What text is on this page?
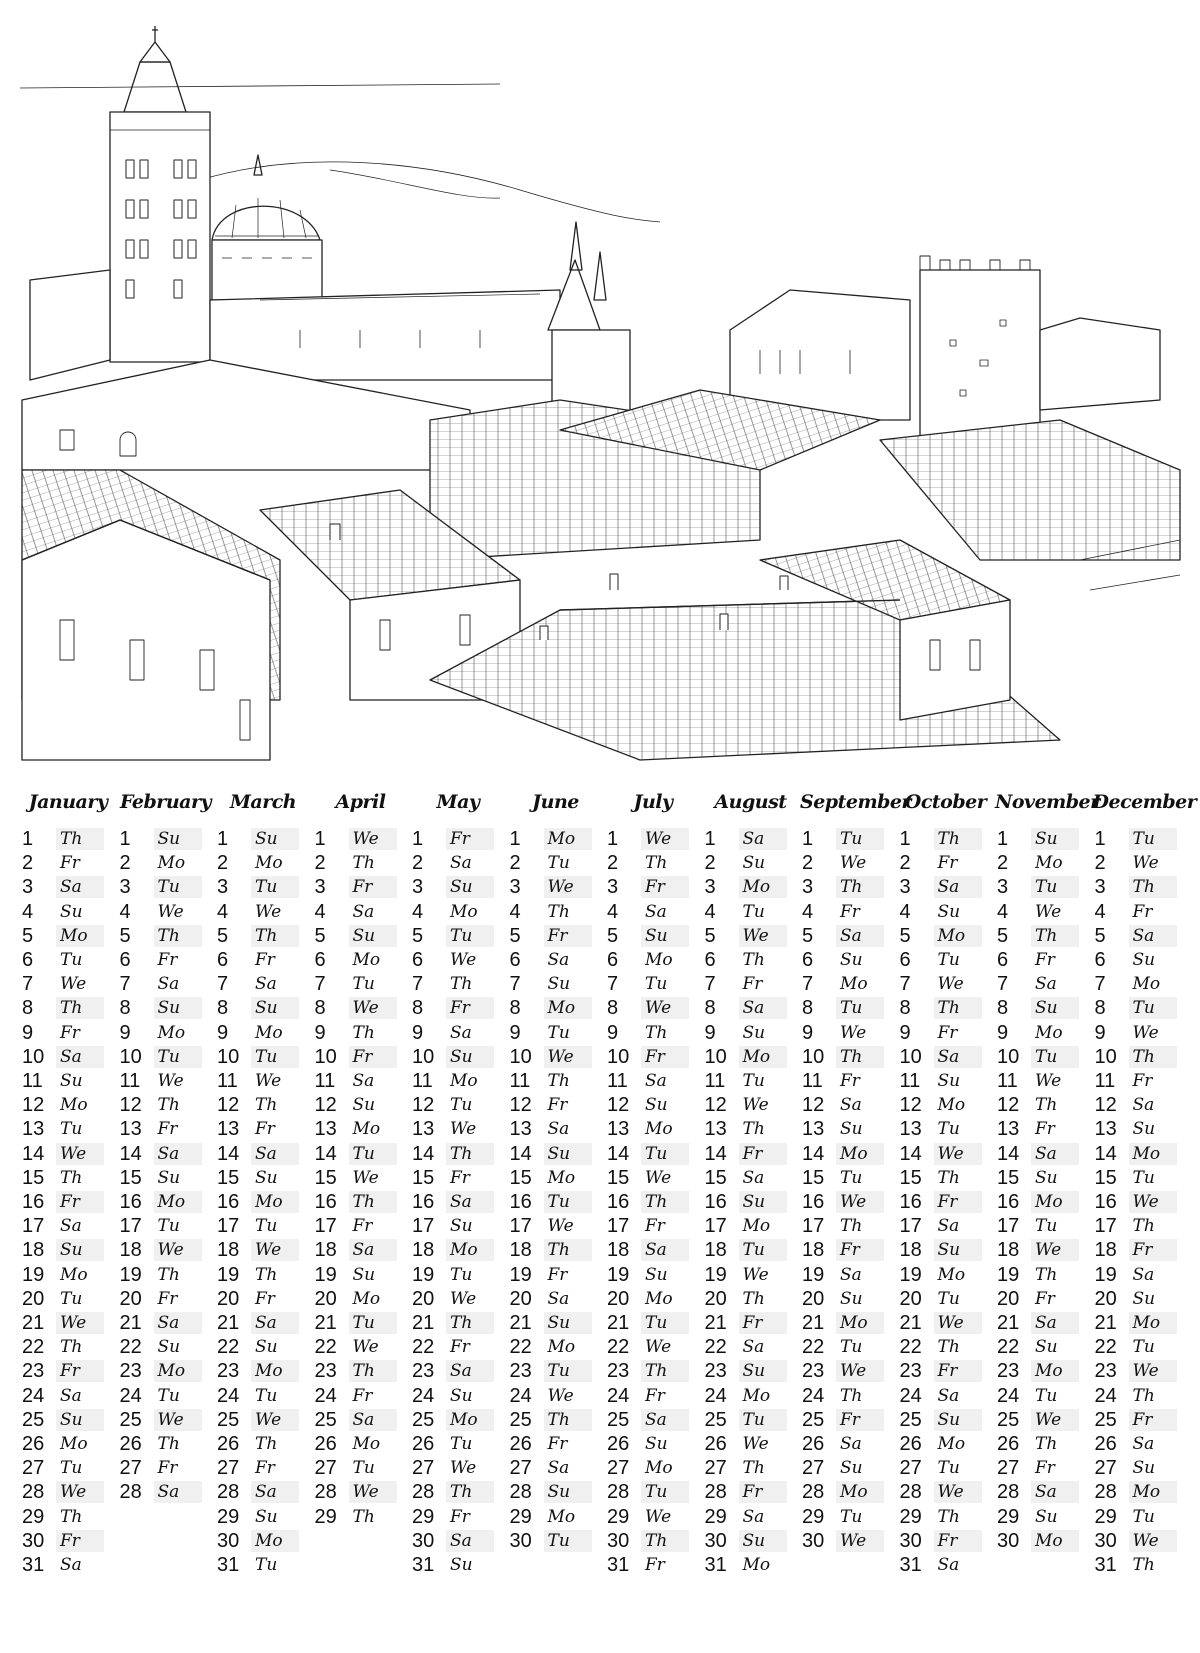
January
1	Th
2	Fr
3	Sa
4	Su
5	Mo
6	Tu
7	We
8	Th
9	Fr
10 Sa
11	Su
12 Mo
13 Tu
14 We
15 Th
16 Fr
17 Sa
18 Su
19 Mo
20 Tu
21 We
22 Th
23 Fr
24 Sa
25 Su
26 Mo
27 Tu
28 We
29 Th
30 Fr
31 Sa
February
1	Su
2	Mo
3	Tu
4	We
5	Th
6	Fr
7	Sa
8	Su
9	Mo
10 Tu
11	We
12 Th
13 Fr
14 Sa
15 Su
16 Mo
17 Tu
18 We
19 Th
20 Fr
21 Sa
22 Su
23 Mo
24 Tu
25 We
26 Th
27 Fr
28 Sa
March
1	Su
2	Mo
3	Tu
4	We
5	Th
6	Fr
7	Sa
8	Su
9	Mo
10 Tu
11	We
12 Th
13 Fr
14 Sa
15 Su
16 Mo
17 Tu
18 We
19 Th
20 Fr
21 Sa
22 Su
23 Mo
24 Tu
25 We
26 Th
27 Fr
28 Sa
29 Su
30 Mo
31 Tu
April
1	We
2	Th
3	Fr
4	Sa
5	Su
6	Mo
7	Tu
8	We
9	Th
10 Fr
11	Sa
12 Su
13 Mo
14 Tu
15 We
16 Th
17 Fr
18 Sa
19 Su
20 Mo
21 Tu
22 We
23 Th
24 Fr
25 Sa
26 Mo
27 Tu
28 We
29 Th
May
1	Fr
2	Sa
3	Su
4	Mo
5	Tu
6	We
7	Th
8	Fr
9	Sa
10 Su
11	Mo
12 Tu
13 We
14 Th
15 Fr
16 Sa
17 Su
18 Mo
19 Tu
20 We
21 Th
22 Fr
23 Sa
24 Su
25 Mo
26 Tu
27 We
28 Th
29 Fr
30 Sa
31 Su
June
1	Mo
2	Tu
3	We
4	Th
5	Fr
6	Sa
7	Su
8	Mo
9	Tu
10 We
11	Th
12 Fr
13 Sa
14 Su
15 Mo
16 Tu
17 We
18 Th
19 Fr
20 Sa
21 Su
22 Mo
23 Tu
24 We
25 Th
26 Fr
27 Sa
28 Su
29 Mo
30 Tu
July
1	We
2	Th
3	Fr
4	Sa
5	Su
6	Mo
7	Tu
8	We
9	Th
10 Fr
11	Sa
12 Su
13 Mo
14 Tu
15 We
16 Th
17 Fr
18 Sa
19 Su
20 Mo
21 Tu
22 We
23 Th
24 Fr
25 Sa
26 Su
27 Mo
28 Tu
29 We
30 Th
31 Fr
August
1	Sa
2	Su
3	Mo
4	Tu
5	We
6	Th
7	Fr
8	Sa
9	Su
10 Mo
11	Tu
12 We
13 Th
14 Fr
15 Sa
16 Su
17 Mo
18 Tu
19 We
20 Th
21 Fr
22 Sa
23 Su
24 Mo
25 Tu
26 We
27 Th
28 Fr
29 Sa
30 Su
31 Mo
September
1	Tu
2	We
3	Th
4	Fr
5	Sa
6	Su
7	Mo
8	Tu
9	We
10 Th
11	Fr
12 Sa
13 Su
14 Mo
15 Tu
16 We
17 Th
18 Fr
19 Sa
20 Su
21 Mo
22 Tu
23 We
24 Th
25 Fr
26 Sa
27 Su
28 Mo
29 Tu
30 We
October
1	Th
2	Fr
3	Sa
4	Su
5	Mo
6	Tu
7	We
8	Th
9	Fr
10 Sa
11	Su
12 Mo
13 Tu
14 We
15 Th
16 Fr
17 Sa
18 Su
19 Mo
20 Tu
21 We
22 Th
23 Fr
24 Sa
25 Su
26 Mo
27 Tu
28 We
29 Th
30 Fr
31 Sa
November
1	Su
2	Mo
3	Tu
4	We
5	Th
6	Fr
7	Sa
8	Su
9	Mo
10 Tu
11	We
12 Th
13 Fr
14 Sa
15 Su
16 Mo
17 Tu
18 We
19 Th
20 Fr
21 Sa
22 Su
23 Mo
24 Tu
25 We
26 Th
27 Fr
28 Sa
29 Su
30 Mo
December
1	Tu
2	We
3	Th
4	Fr
5	Sa
6	Su
7	Mo
8	Tu
9	We
10 Th
11	Fr
12 Sa
13 Su
14 Mo
15 Tu
16 We
17 Th
18 Fr
19 Sa
20 Su
21 Mo
22 Tu
23 We
24 Th
25 Fr
26 Sa
27 Su
28 Mo
29 Tu
30 We
31 Th
